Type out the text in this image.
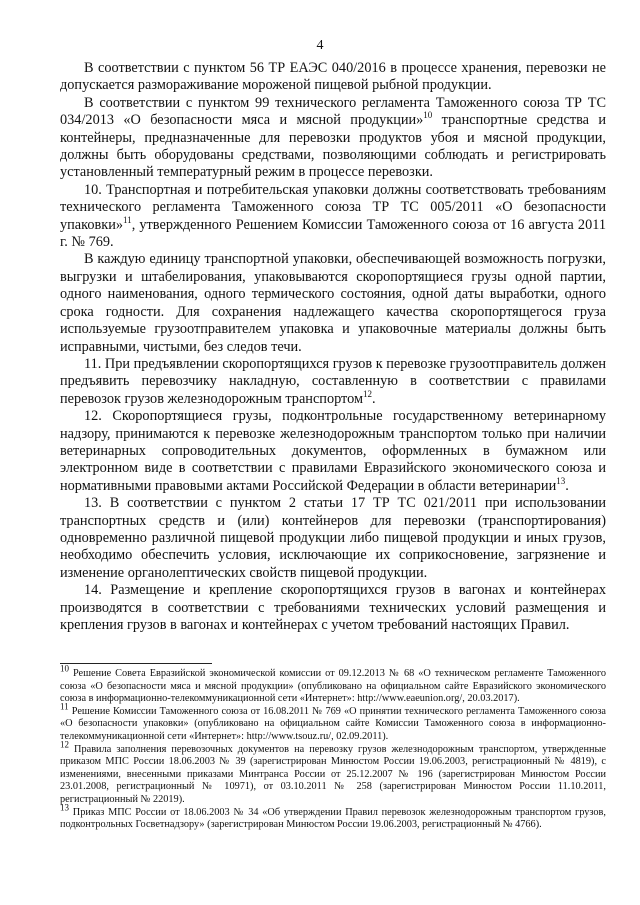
4

В соответствии с пунктом 56 ТР ЕАЭС 040/2016 в процессе хранения, перевозки не допускается размораживание мороженой пищевой рыбной продукции.

В соответствии с пунктом 99 технического регламента Таможенного союза ТР ТС 034/2013 «О безопасности мяса и мясной продукции»$^{10}$ транспортные средства и контейнеры, предназначенные для перевозки продуктов убоя и мясной продукции, должны быть оборудованы средствами, позволяющими соблюдать и регистрировать установленный температурный режим в процессе перевозки.

10. Транспортная и потребительская упаковки должны соответствовать требованиям технического регламента Таможенного союза ТР ТС 005/2011 «О безопасности упаковки»$^{11}$, утвержденного Решением Комиссии Таможенного союза от 16 августа 2011 г. № 769.

В каждую единицу транспортной упаковки, обеспечивающей возможность погрузки, выгрузки и штабелирования, упаковываются скоропортящиеся грузы одной партии, одного наименования, одного термического состояния, одной даты выработки, одного срока годности. Для сохранения надлежащего качества скоропортящегося груза используемые грузоотправителем упаковка и упаковочные материалы должны быть исправными, чистыми, без следов течи.

11. При предъявлении скоропортящихся грузов к перевозке грузоотправитель должен предъявить перевозчику накладную, составленную в соответствии с правилами перевозок грузов железнодорожным транспортом$^{12}$.

12. Скоропортящиеся грузы, подконтрольные государственному ветеринарному надзору, принимаются к перевозке железнодорожным транспортом только при наличии ветеринарных сопроводительных документов, оформленных в бумажном или электронном виде в соответствии с правилами Евразийского экономического союза и нормативными правовыми актами Российской Федерации в области ветеринарии$^{13}$.

13. В соответствии с пунктом 2 статьи 17 ТР ТС 021/2011 при использовании транспортных средств и (или) контейнеров для перевозки (транспортирования) одновременно различной пищевой продукции либо пищевой продукции и иных грузов, необходимо обеспечить условия, исключающие их соприкосновение, загрязнение и изменение органолептических свойств пищевой продукции.

14. Размещение и крепление скоропортящихся грузов в вагонах и контейнерах производятся в соответствии с требованиями технических условий размещения и крепления грузов в вагонах и контейнерах с учетом требований настоящих Правил.

$^{10}$ Решение Совета Евразийской экономической комиссии от 09.12.2013 № 68 «О техническом регламенте Таможенного союза «О безопасности мяса и мясной продукции» (опубликовано на официальном сайте Евразийского экономического союза в информационно-телекоммуникационной сети «Интернет»: http://www.eaeunion.org/, 20.03.2017).

$^{11}$ Решение Комиссии Таможенного союза от 16.08.2011 № 769 «О принятии технического регламента Таможенного союза «О безопасности упаковки» (опубликовано на официальном сайте Комиссии Таможенного союза в информационно-телекоммуникационной сети «Интернет»: http://www.tsouz.ru/, 02.09.2011).

$^{12}$ Правила заполнения перевозочных документов на перевозку грузов железнодорожным транспортом, утвержденные приказом МПС России 18.06.2003 № 39 (зарегистрирован Минюстом России 19.06.2003, регистрационный № 4819), с изменениями, внесенными приказами Минтранса России от 25.12.2007 № 196 (зарегистрирован Минюстом России 23.01.2008, регистрационный № 10971), от 03.10.2011 № 258 (зарегистрирован Минюстом России 11.10.2011, регистрационный № 22019).

$^{13}$ Приказ МПС России от 18.06.2003 № 34 «Об утверждении Правил перевозок железнодорожным транспортом грузов, подконтрольных Госветнадзору» (зарегистрирован Минюстом России 19.06.2003, регистрационный № 4766).
